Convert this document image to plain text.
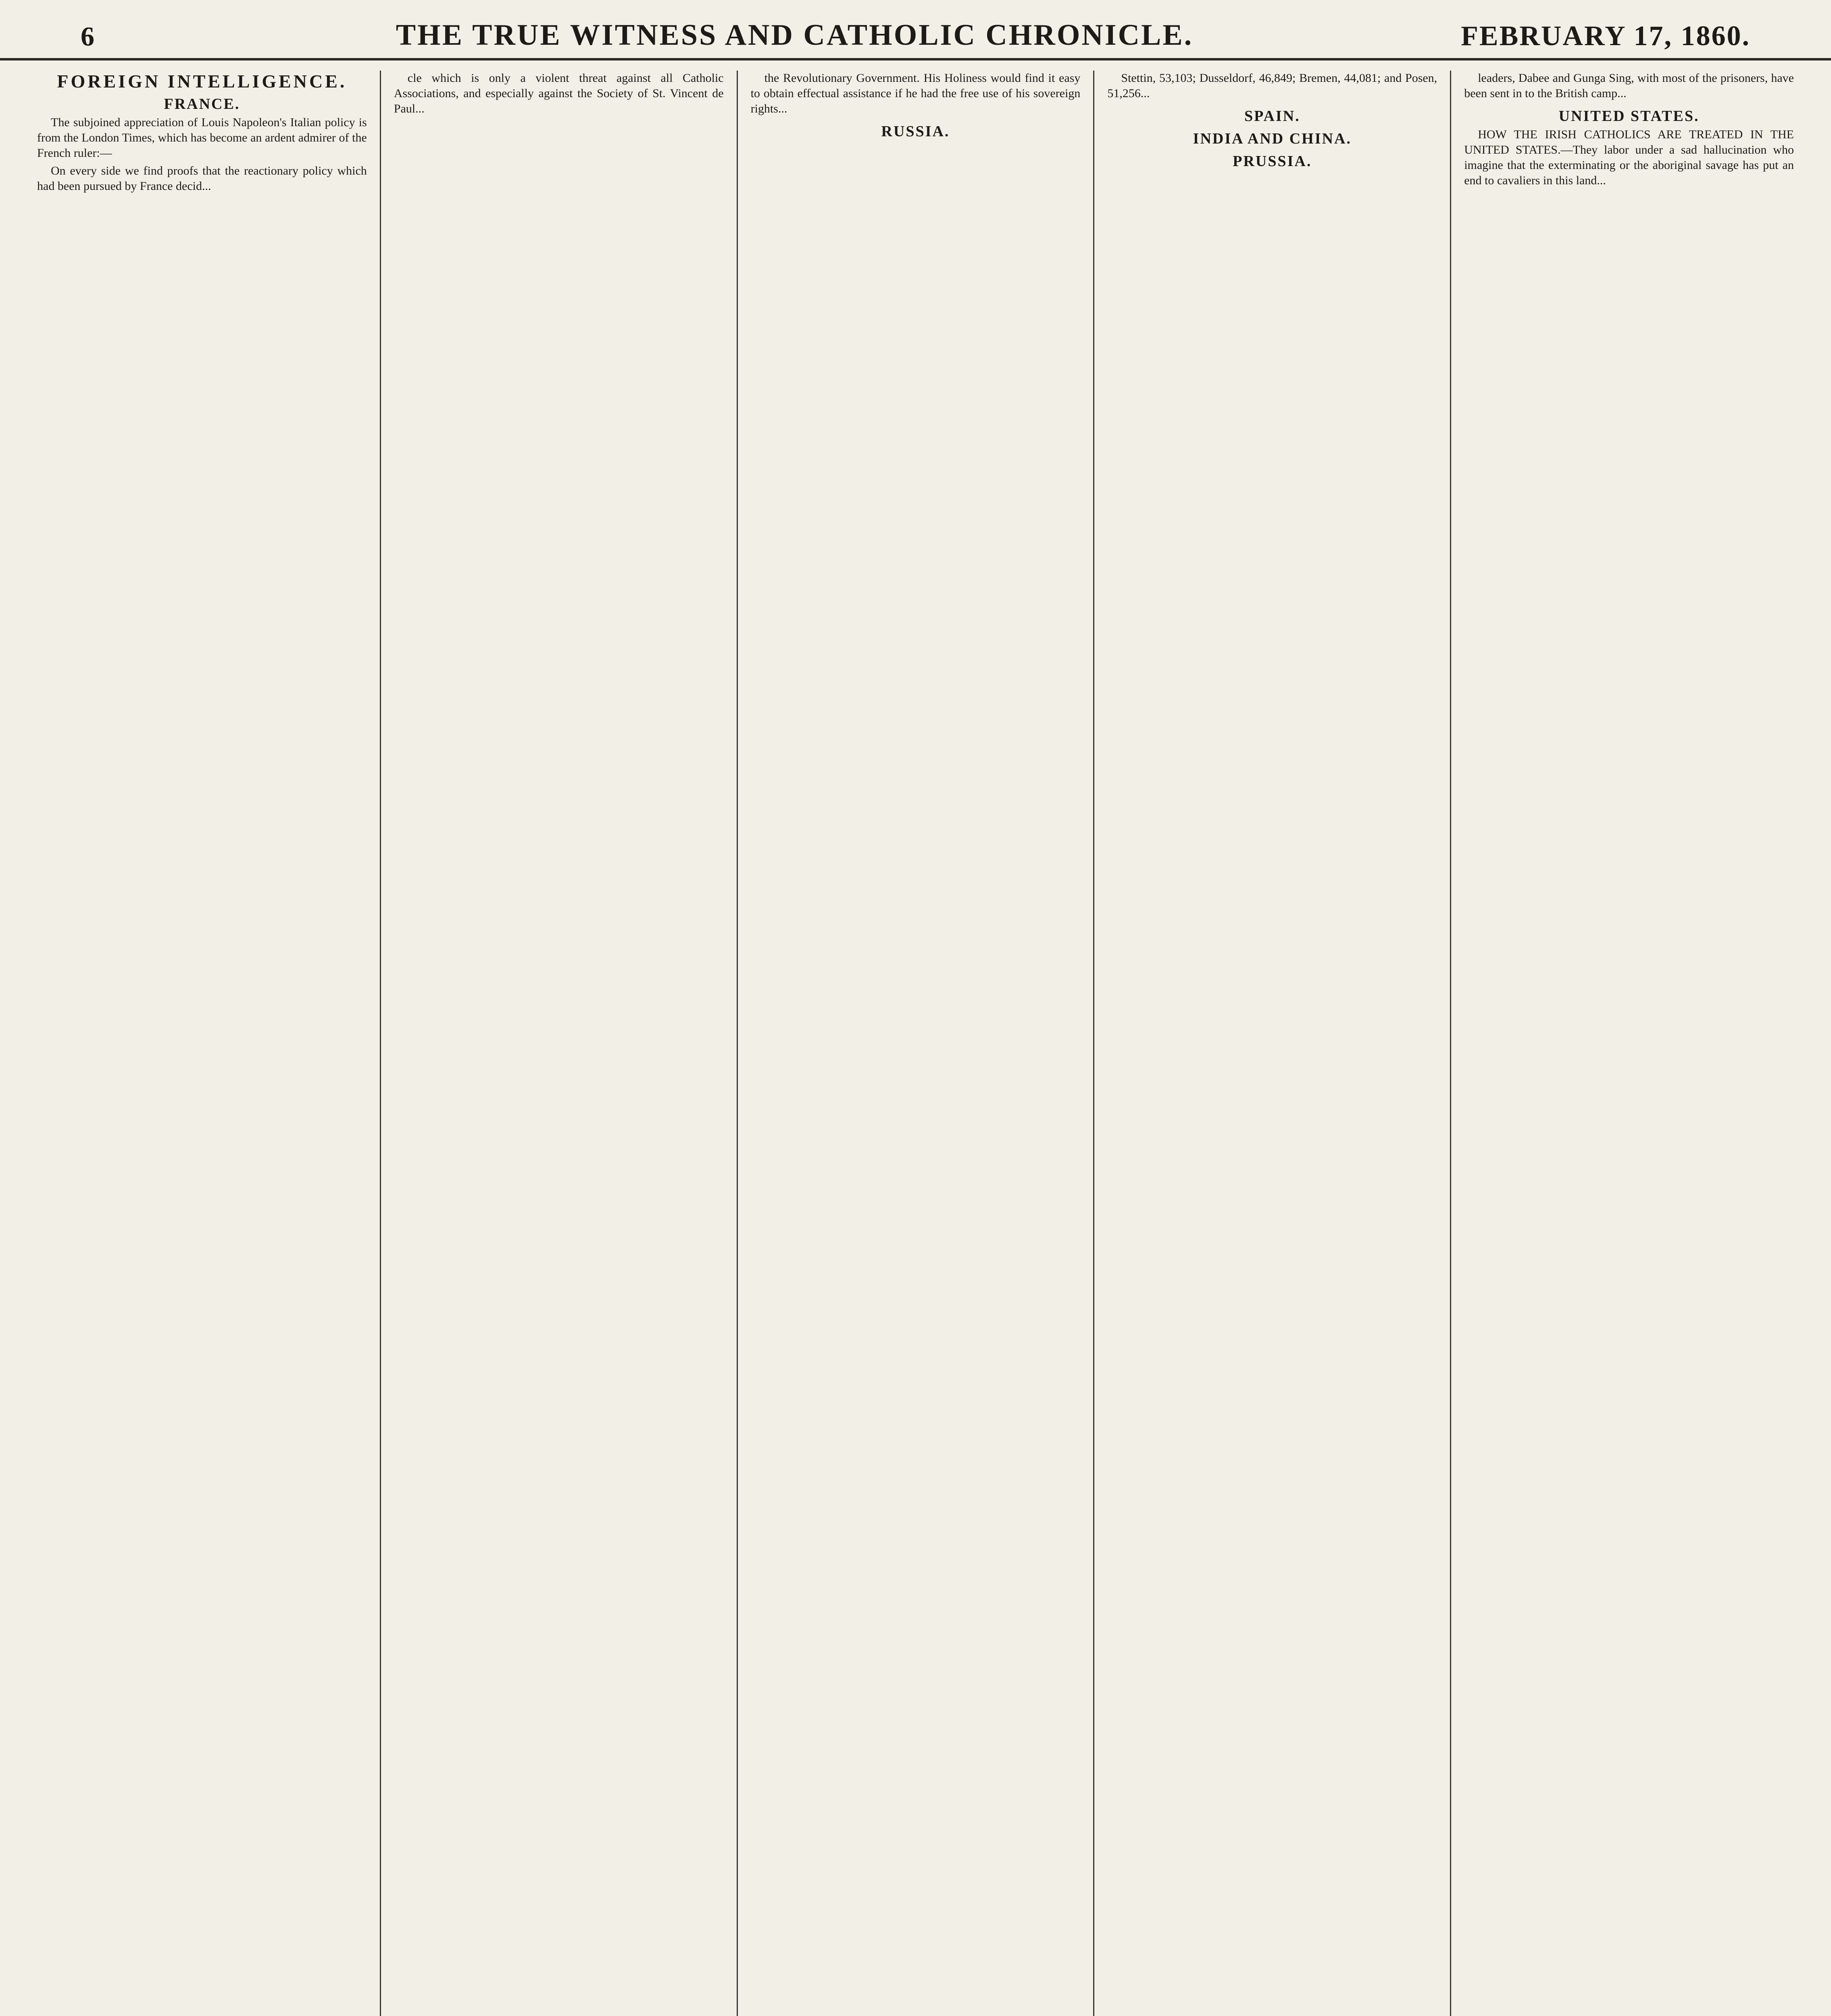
6	THE TRUE WITNESS AND CATHOLIC CHRONICLE.	FEBRUARY 17, 1860.
FOREIGN INTELLIGENCE.
FRANCE.

The subjoined appreciation of Louis Napoleon's Italian policy is from the London Times, which has become an ardent admirer of the French ruler:—

On every side we find proofs that the reactionary policy which had been pursued by France decid...

cle which is only a violent threat against all Catholic Associations, and especially against the Society of St. Vincent de Paul...

the Revolutionary Government. His Holiness would find it easy to obtain effectual assistance if he had the free use of his sovereign rights...

RUSSIA.

Stettin, 53,103; Dusseldorf, 46,849; Bremen, 44,081; and Posen, 51,256...

SPAIN.
INDIA AND CHINA.
PRUSSIA.

leaders, Dabee and Gunga Sing, with most of the prisoners, have been sent in to the British camp...

UNITED STATES.

HOW THE IRISH CATHOLICS ARE TREATED IN THE UNITED STATES.—They labor under a sad hallucination who imagine that the exterminating or the aboriginal savage has put an end to cavaliers in this land...
